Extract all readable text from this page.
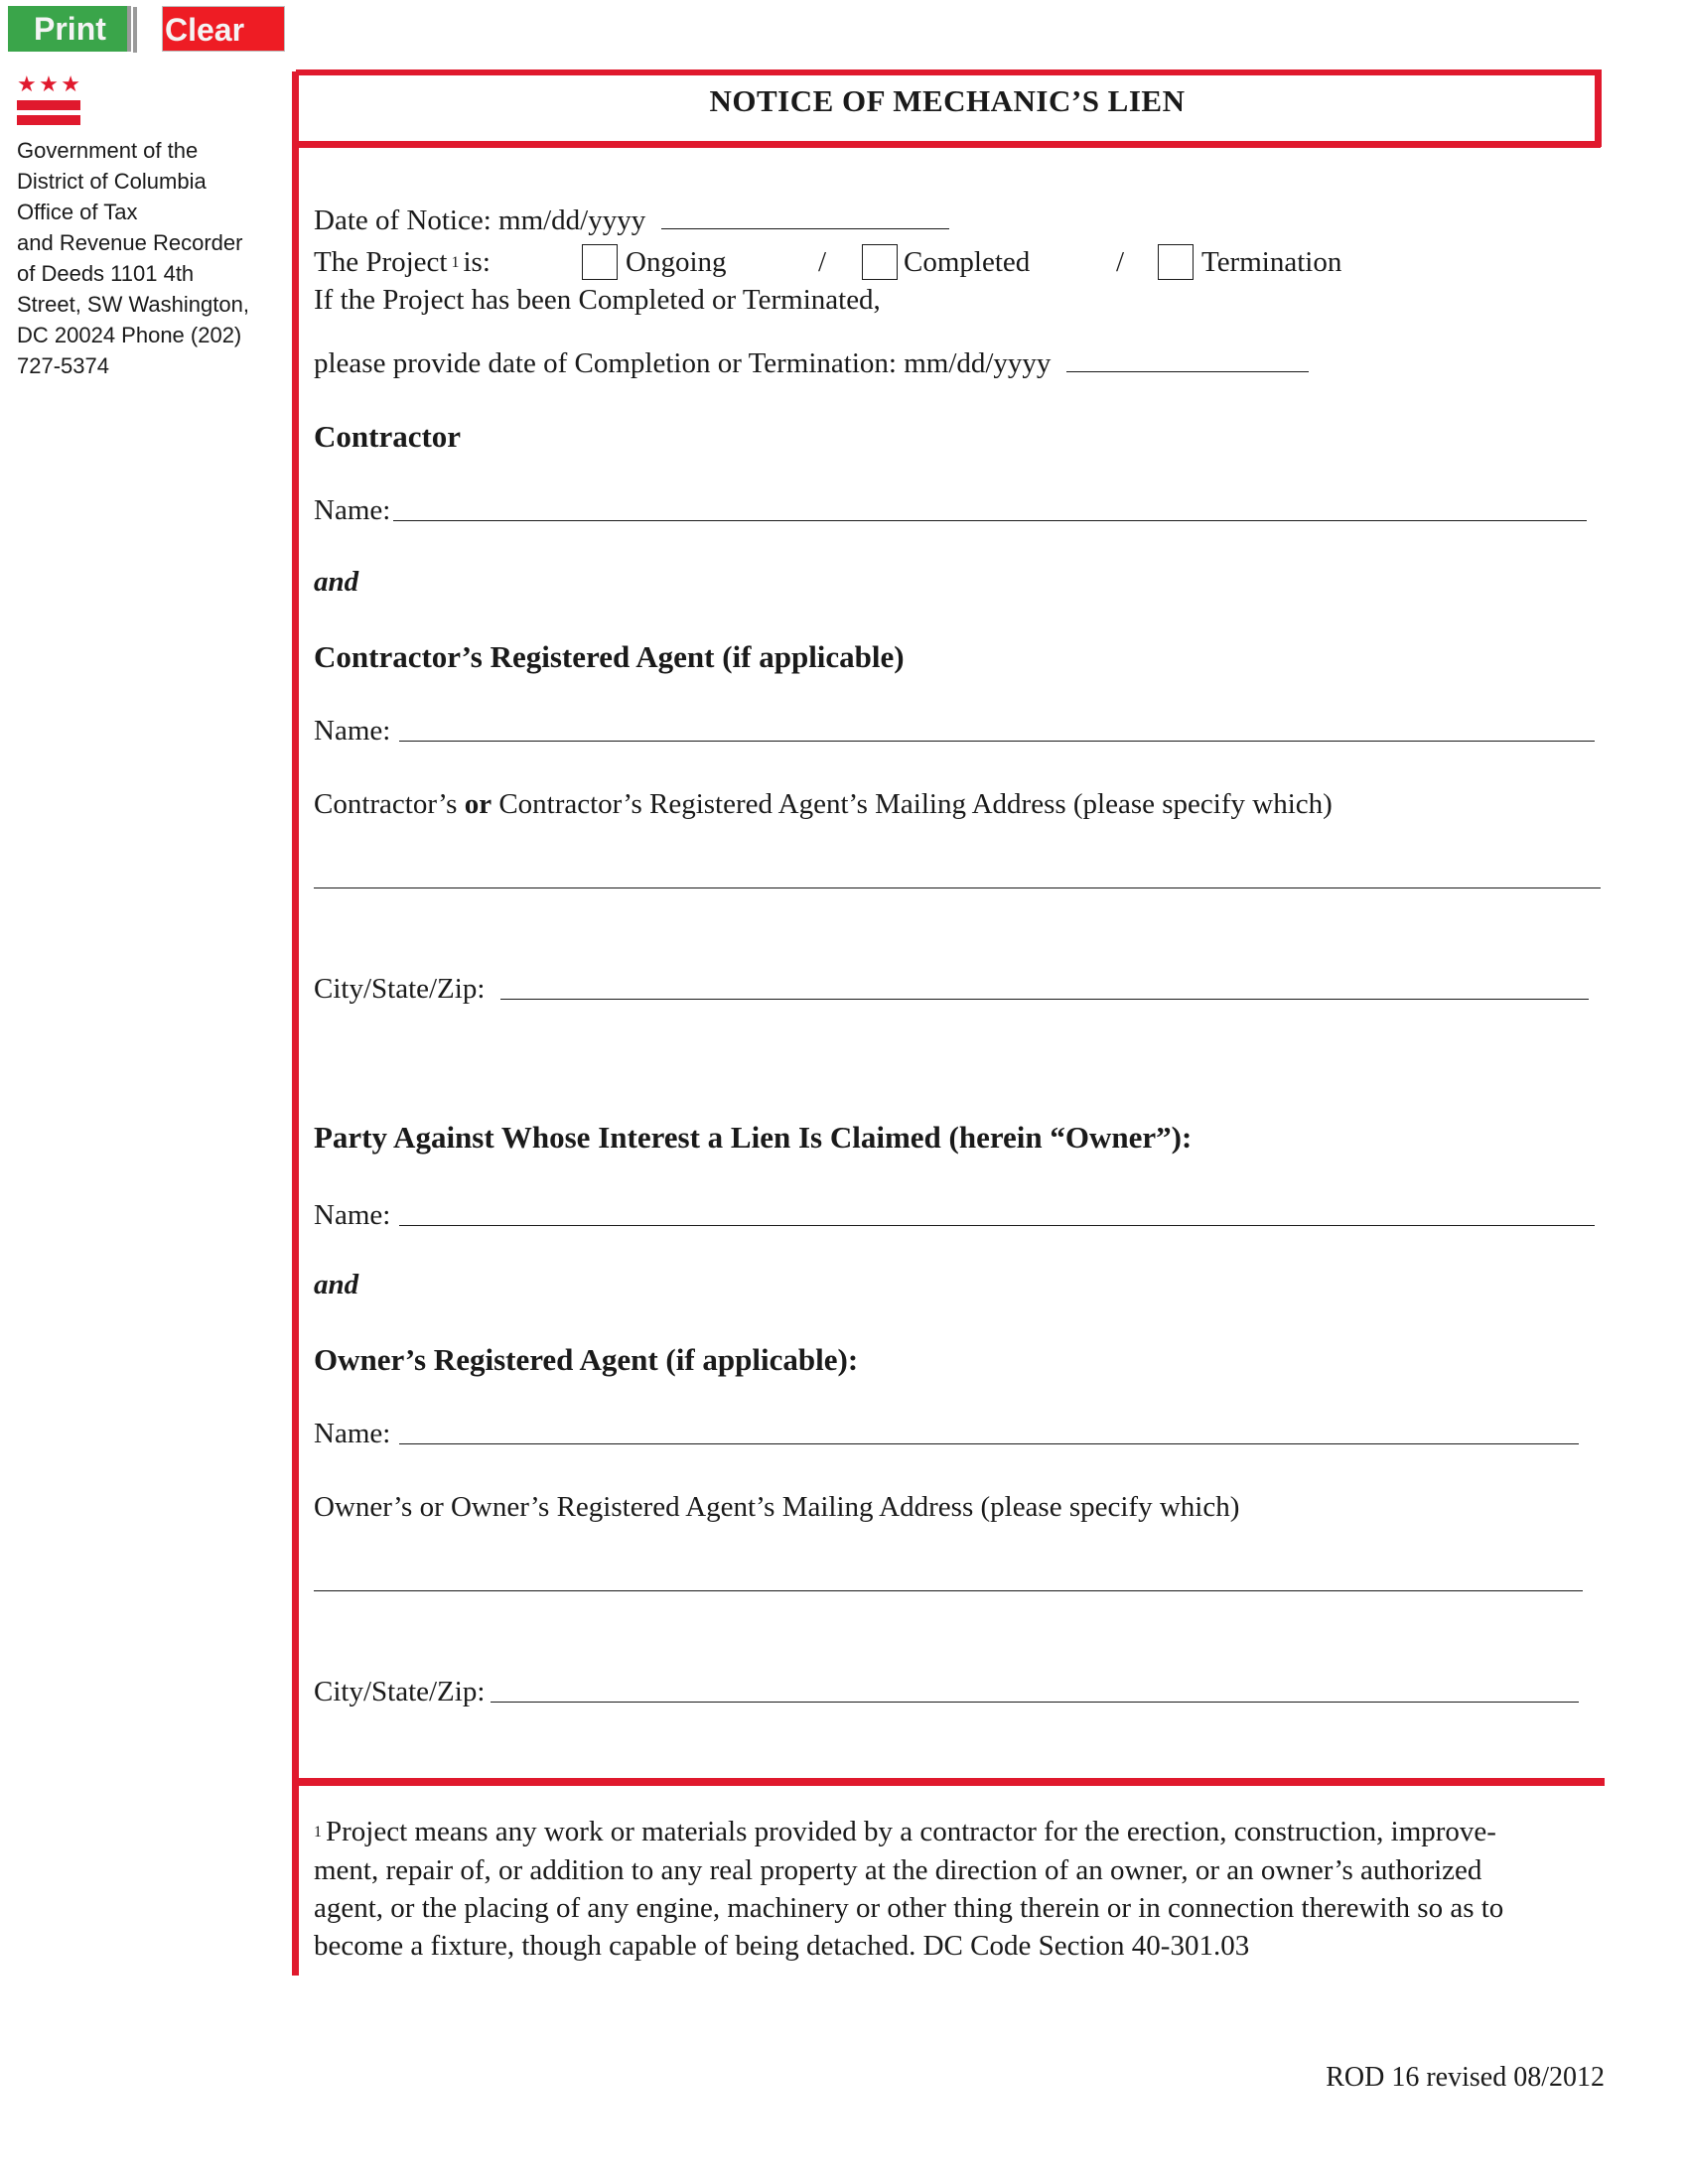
Print	Clear
★ ★ ★
Government of the
District of Columbia
Office of Tax
and Revenue Recorder
of Deeds 1101 4th
Street, SW Washington,
DC 20024 Phone (202)
727-5374
NOTICE OF MECHANIC’S LIEN
Date of Notice: mm/dd/yyyy
The Project 1 is:	Ongoing	/	Completed	/	Termination
If the Project has been Completed or Terminated,
please provide date of Completion or Termination: mm/dd/yyyy
Contractor
Name:
and
Contractor’s Registered Agent (if applicable)
Name:
Contractor’s or Contractor’s Registered Agent’s Mailing Address (please specify which)
City/State/Zip:
Party Against Whose Interest a Lien Is Claimed (herein “Owner”):
Name:
and
Owner’s Registered Agent (if applicable):
Name:
Owner’s or Owner’s Registered Agent’s Mailing Address (please specify which)
City/State/Zip:
1 Project means any work or materials provided by a contractor for the erection, construction, improve-
ment, repair of, or addition to any real property at the direction of an owner, or an owner’s authorized
agent, or the placing of any engine, machinery or other thing therein or in connection therewith so as to
become a fixture, though capable of being detached. DC Code Section 40-301.03
ROD 16 revised 08/2012
